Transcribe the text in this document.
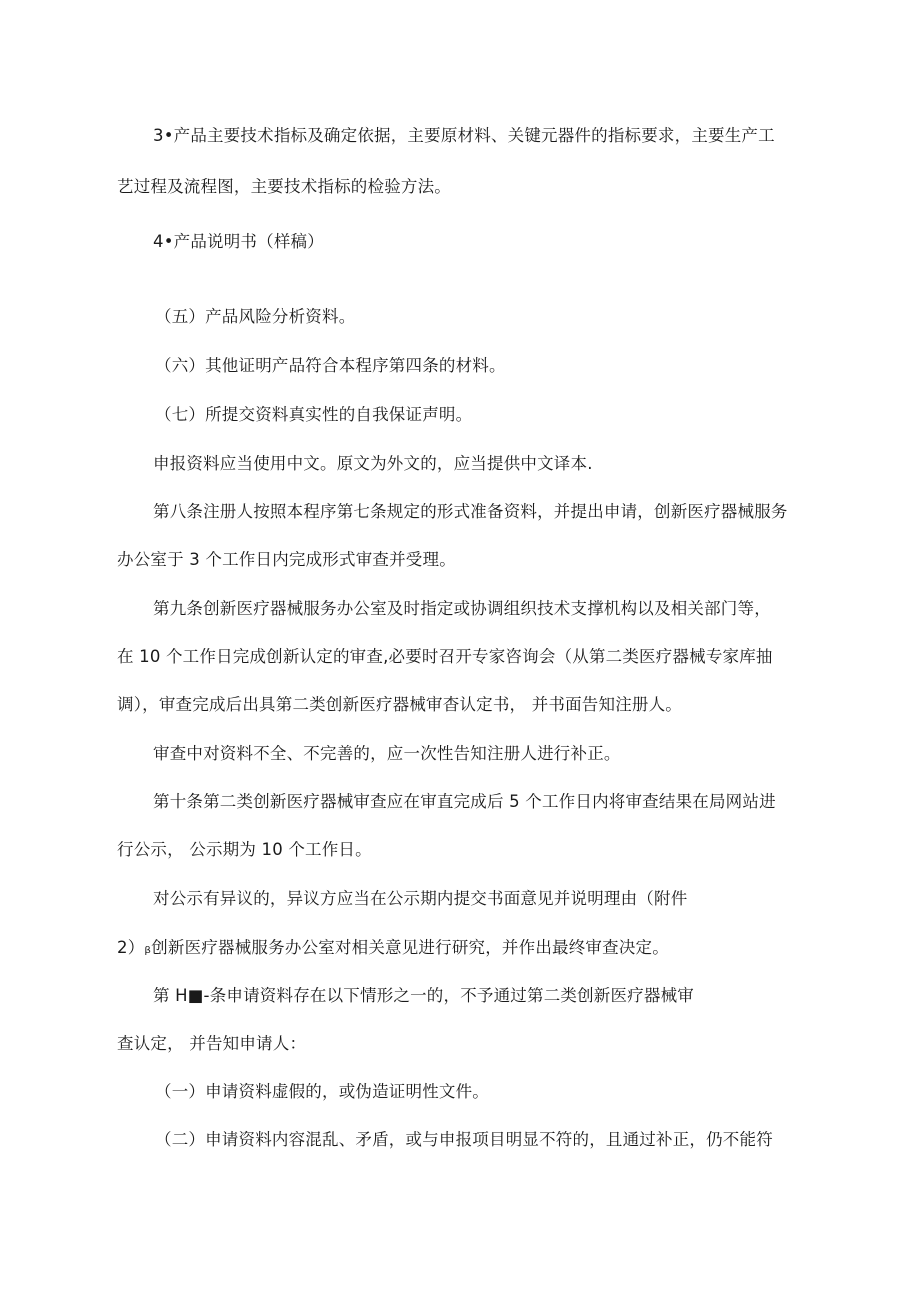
3•产品主要技术指标及确定依据，主要原材料、关键元器件的指标要求，主要生产工
艺过程及流程图，主要技术指标的检验方法。
4•产品说明书（样稿）
（五）产品风险分析资料。
（六）其他证明产品符合本程序第四条的材料。
（七）所提交资料真实性的自我保证声明。
申报资料应当使用中文。原文为外文的，应当提供中文译本.
第八条注册人按照本程序第七条规定的形式准备资料，并提出申请，创新医疗器械服务
办公室于 3 个工作日内完成形式审查并受理。
第九条创新医疗器械服务办公室及时指定或协调组织技术支撑机构以及相关部门等，
在 10 个工作日完成创新认定的审查,必要时召开专家咨询会（从第二类医疗器械专家库抽
调），审查完成后出具第二类创新医疗器械审杳认定书， 并书面告知注册人。
审查中对资料不全、不完善的，应一次性告知注册人进行补正。
第十条第二类创新医疗器械审查应在审直完成后 5 个工作日内将审查结果在局网站进
行公示， 公示期为 10 个工作日。
对公示有异议的，异议方应当在公示期内提交书面意见并说明理由（附件
2）ᵦ创新医疗器械服务办公室对相关意见进行研究，并作出最终审查决定。
第 H■-条申请资料存在以下情形之一的，不予通过第二类创新医疗器械审
查认定， 并告知申请人：
（一）申请资料虚假的，或伪造证明性文件。
（二）申请资料内容混乱、矛盾，或与申报项目明显不符的，且通过补正，仍不能符
